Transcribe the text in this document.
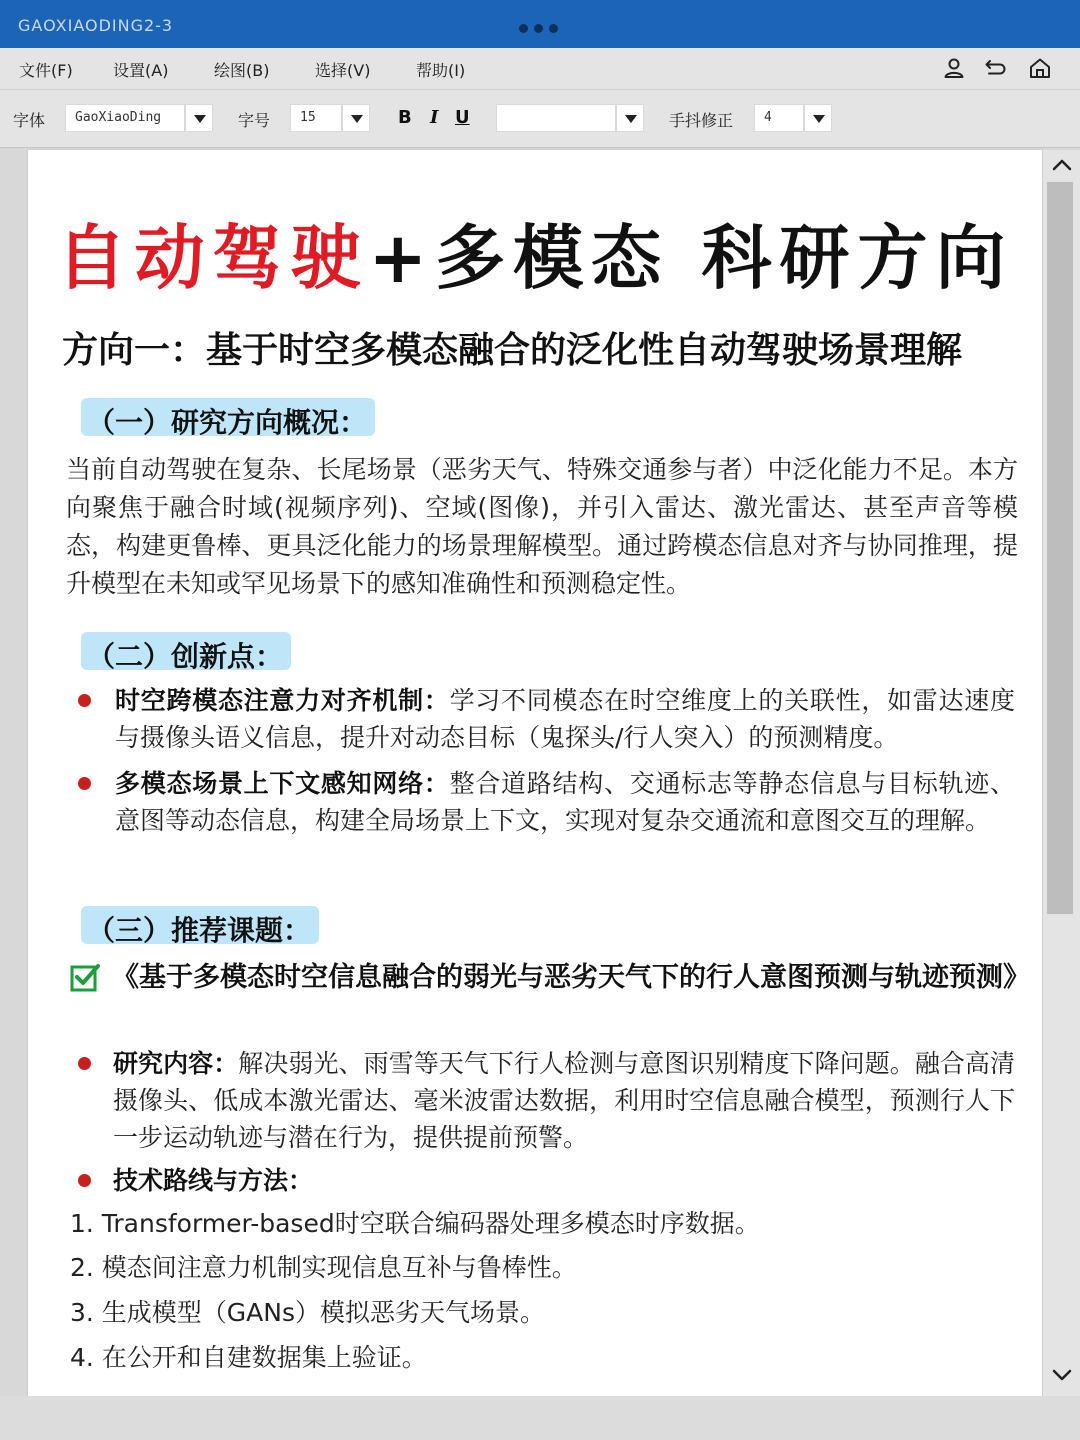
GAOXIAODING2-3
文件(F)	设置(A)	绘图(B)	选择(V)	帮助(I)
字体	GaoXiaoDing	字号	15	B I U	手抖修正	4
自动驾驶+多模态 科研方向
方向一：基于时空多模态融合的泛化性自动驾驶场景理解
（一）研究方向概况：
当前自动驾驶在复杂、长尾场景（恶劣天气、特殊交通参与者）中泛化能力不足。本方向聚焦于融合时域(视频序列)、空域(图像)，并引入雷达、激光雷达、甚至声音等模态，构建更鲁棒、更具泛化能力的场景理解模型。通过跨模态信息对齐与协同推理，提升模型在未知或罕见场景下的感知准确性和预测稳定性。
（二）创新点：
时空跨模态注意力对齐机制：学习不同模态在时空维度上的关联性，如雷达速度与摄像头语义信息，提升对动态目标（鬼探头/行人突入）的预测精度。
多模态场景上下文感知网络：整合道路结构、交通标志等静态信息与目标轨迹、意图等动态信息，构建全局场景上下文，实现对复杂交通流和意图交互的理解。
（三）推荐课题：
《基于多模态时空信息融合的弱光与恶劣天气下的行人意图预测与轨迹预测》
研究内容：解决弱光、雨雪等天气下行人检测与意图识别精度下降问题。融合高清摄像头、低成本激光雷达、毫米波雷达数据，利用时空信息融合模型，预测行人下一步运动轨迹与潜在行为，提供提前预警。
技术路线与方法：
1. Transformer-based时空联合编码器处理多模态时序数据。
2. 模态间注意力机制实现信息互补与鲁棒性。
3. 生成模型（GANs）模拟恶劣天气场景。
4. 在公开和自建数据集上验证。
